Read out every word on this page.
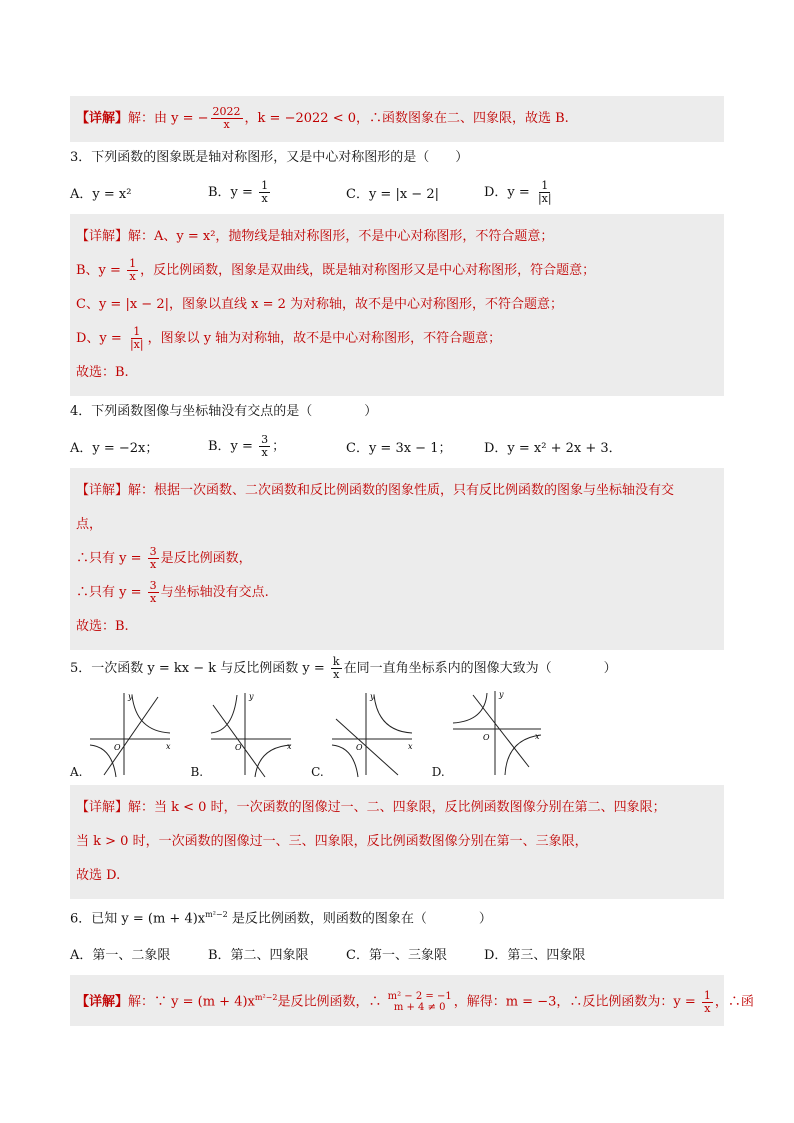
【详解】解：由 y = − $\frac{2022}{x}$ ，k = −2022 < 0，∴函数图象在二、四象限，故选 B.
3．下列函数的图象既是轴对称图形，又是中心对称图形的是（　　）
A．y = x²	B．$y = \frac{1}{x}$	C．y = |x − 2|	D．$y = \frac{1}{|x|}$
【详解】解：A、y = x²，抛物线是轴对称图形，不是中心对称图形，不符合题意；
B、$y = \frac{1}{x}$ ，反比例函数，图象是双曲线，既是轴对称图形又是中心对称图形，符合题意；
C、y = |x − 2|，图象以直线 x = 2 为对称轴，故不是中心对称图形，不符合题意；
D、$y = \frac{1}{|x|}$ ，图象以 y 轴为对称轴，故不是中心对称图形，不符合题意；
故选：B.
4．下列函数图像与坐标轴没有交点的是（　　　　）
A．y = −2x；	B．$y = \frac{3}{x}$ ；	C．y = 3x − 1；	D．y = x² + 2x + 3．
【详解】解：根据一次函数、二次函数和反比例函数的图象性质，只有反比例函数的图象与坐标轴没有交
点，
∴只有 $y = \frac{3}{x}$ 是反比例函数，
∴只有 $y = \frac{3}{x}$ 与坐标轴没有交点.
故选：B.
5．一次函数 y = kx − k 与反比例函数 $y = \frac{k}{x}$ 在同一直角坐标系内的图像大致为（　　　　）
A.
y
x
O
B.
y
x
O
C.
y
x
O
D.
y
x
O
【详解】解：当 k < 0 时，一次函数的图像过一、二、四象限，反比例函数图像分别在第二、四象限；
当 k > 0 时，一次函数的图像过一、三、四象限，反比例函数图像分别在第一、三象限，
故选 D.
6．已知 $y = (m + 4)x^{m^2-2}$ 是反比例函数，则函数的图象在（　　　　）
A．第一、二象限	B．第二、四象限	C．第一、三象限	D．第三、四象限
【详解】解：∵ $y = (m + 4)x^{m^2-2}$是反比例函数，∴ m² − 2 = −1
m + 4 ≠ 0 ，解得：m = −3，∴反比例函数为：$y = \frac{1}{x}$ ，∴函
